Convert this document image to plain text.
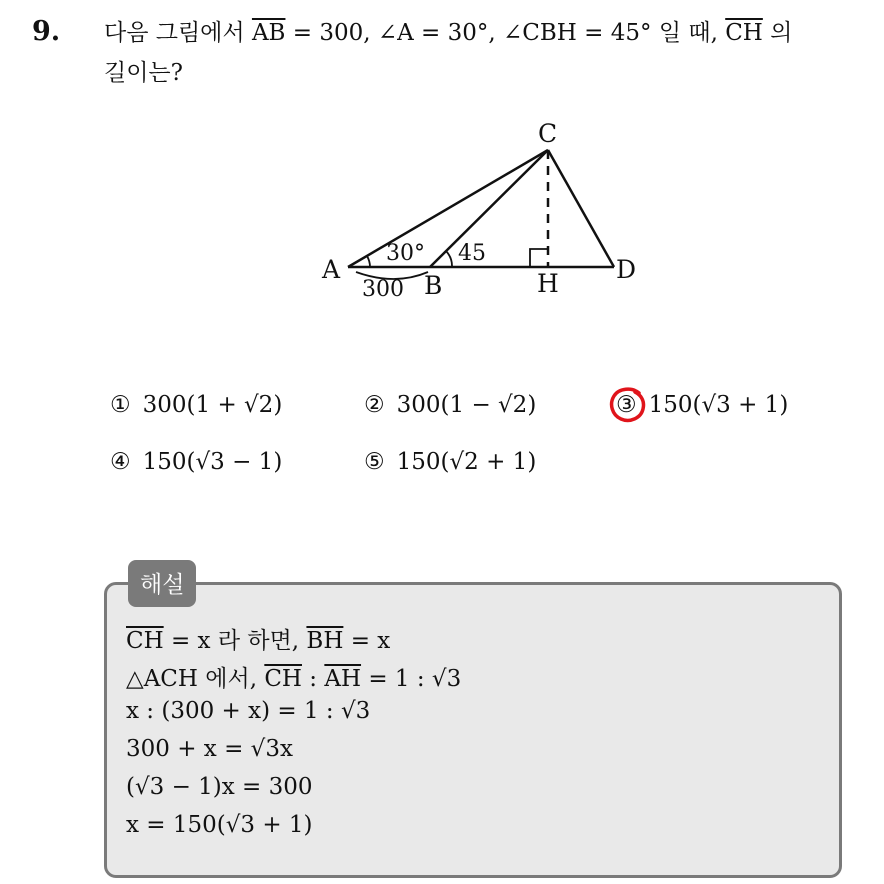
9. 다음 그림에서 $\overline{AB} = 300$, ∠A = 30°, ∠CBH = 45° 일 때, $\overline{CH}$ 의
길이는?
A
B
C
D
H
30° 45
300
① 300(1 + √2)	② 300(1 − √2)	③ 150(√3 + 1)
④ 150(√3 − 1)	⑤ 150(√2 + 1)
해설
$\overline{CH} = x$ 라 하면, $\overline{BH} = x$
△ACH 에서, $\overline{CH}$ : $\overline{AH} = 1$ : √3
x : (300 + x) = 1 : √3
300 + x = √3x
(√3 − 1)x = 300
x = 150(√3 + 1)
